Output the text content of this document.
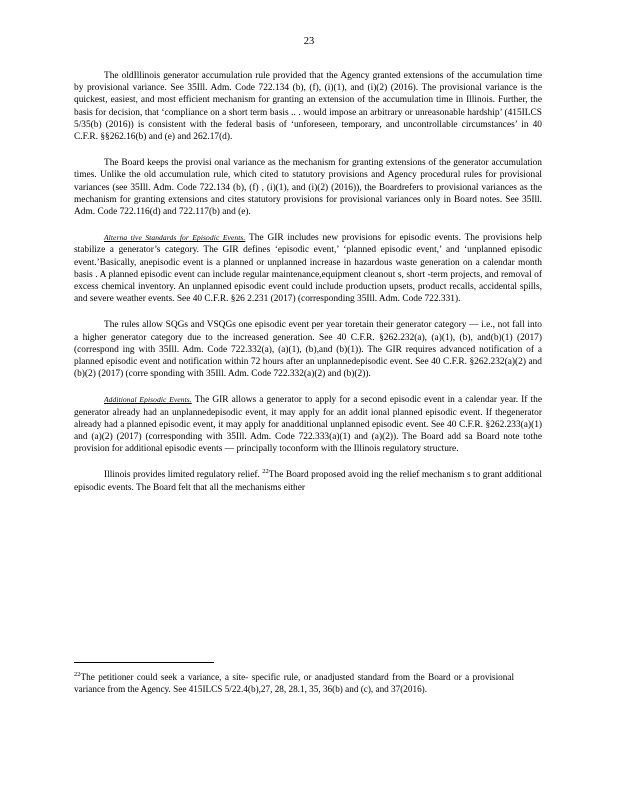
23

The oldIllinois generator accumulation rule provided that the Agency granted extensions of the accumulation time by provisional variance. See 35Ill. Adm. Code 722.134 (b), (f), (i)(1), and (i)(2) (2016). The provisional variance is the quickest, easiest, and most efficient mechanism for granting an extension of the accumulation time in Illinois. Further, the basis for decision, that ‘compliance on a short term basis .. . would impose an arbitrary or unreasonable hardship’ (415ILCS 5/35(b) (2016)) is consistent with the federal basis of ‘unforeseen, temporary, and uncontrollable circumstances’ in 40 C.F.R. §§262.16(b) and (e) and 262.17(d).

The Board keeps the provisi onal variance as the mechanism for granting extensions of the generator accumulation times. Unlike the old accumulation rule, which cited to statutory provisions and Agency procedural rules for provisional variances (see 35Ill. Adm. Code 722.134 (b), (f) , (i)(1), and (i)(2) (2016)), the Boardrefers to provisional variances as the mechanism for granting extensions and cites statutory provisions for provisional variances only in Board notes. See 35Ill. Adm. Code 722.116(d) and 722.117(b) and (e).

Alterna tive Standards for Episodic Events. The GIR includes new provisions for episodic events. The provisions help stabilize a generator’s category. The GIR defines ‘episodic event,’ ‘planned episodic event,’ and ‘unplanned episodic event.’Basically, anepisodic event is a planned or unplanned increase in hazardous waste generation on a calendar month basis . A planned episodic event can include regular maintenance,equipment cleanout s, short -term projects, and removal of excess chemical inventory. An unplanned episodic event could include production upsets, product recalls, accidental spills, and severe weather events. See 40 C.F.R. §26 2.231 (2017) (corresponding 35Ill. Adm. Code 722.331).

The rules allow SQGs and VSQGs one episodic event per year toretain their generator category — i.e., not fall into a higher generator category due to the increased generation. See 40 C.F.R. §262.232(a), (a)(1), (b), and(b)(1) (2017) (correspond ing with 35Ill. Adm. Code 722.332(a), (a)(1), (b),and (b)(1)). The GIR requires advanced notification of a planned episodic event and notification within 72 hours after an unplannedepisodic event. See 40 C.F.R. §262.232(a)(2) and (b)(2) (2017) (corre sponding with 35Ill. Adm. Code 722.332(a)(2) and (b)(2)).

Additional Episodic Events. The GIR allows a generator to apply for a second episodic event in a calendar year. If the generator already had an unplannedepisodic event, it may apply for an addit ional planned episodic event. If thegenerator already had a planned episodic event, it may apply for anadditional unplanned episodic event. See 40 C.F.R. §262.233(a)(1) and (a)(2) (2017) (corresponding with 35Ill. Adm. Code 722.333(a)(1) and (a)(2)). The Board add sa Board note tothe provision for additional episodic events — principally toconform with the Illinois regulatory structure.

Illinois provides limited regulatory relief. $^{22}$The Board proposed avoid ing the relief mechanism s to grant additional episodic events. The Board felt that all the mechanisms either

$^{22}$The petitioner could seek a variance, a site- specific rule, or anadjusted standard from the Board or a provisional variance from the Agency. See 415ILCS 5/22.4(b),27, 28, 28.1, 35, 36(b) and (c), and 37(2016).
